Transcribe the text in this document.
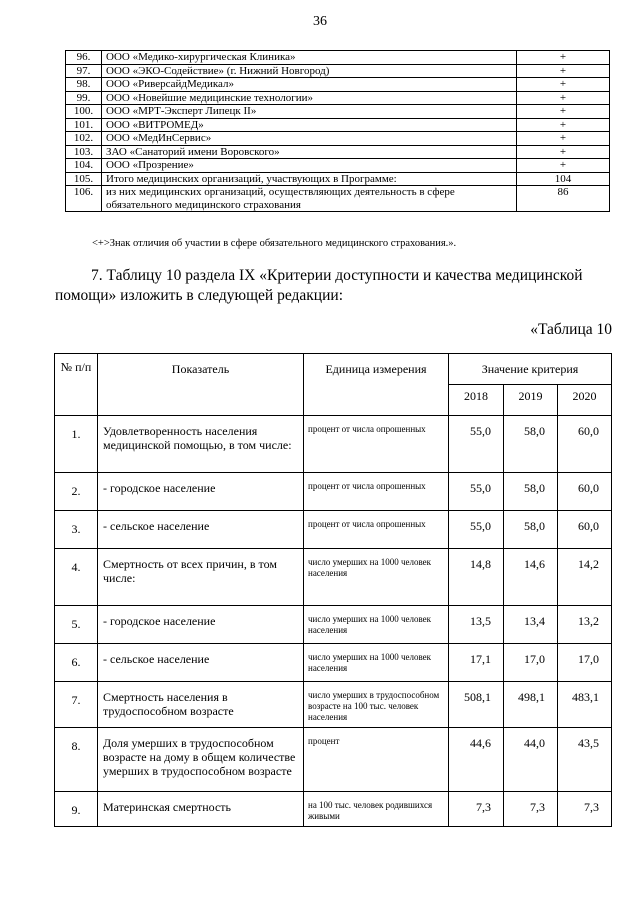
36
96.	ООО «Медико-хирургическая Клиника»	+
97.	ООО «ЭКО-Содействие» (г. Нижний Новгород)	+
98.	ООО «РиверсайдМедикал»	+
99.	ООО «Новейшие медицинские технологии»	+
100.	ООО «МРТ-Эксперт Липецк II»	+
101.	ООО «ВИТРОМЕД»	+
102.	ООО «МедИнСервис»	+
103.	ЗАО «Санаторий имени Воровского»	+
104.	ООО «Прозрение»	+
105.	Итого медицинских организаций, участвующих в Программе:	104
106.	из них медицинских организаций, осуществляющих деятельность в сфере обязательного медицинского страхования	86
<+>Знак отличия об участии в сфере обязательного медицинского страхования.».
7. Таблицу 10 раздела IX «Критерии доступности и качества медицинской
помощи» изложить в следующей редакции:
«Таблица 10
№ п/п	Показатель	Единица измерения	Значение критерия		
			2018	2019	2020
1.	Удовлетворенность населения медицинской помощью, в том числе:	процент от числа опрошенных	55,0	58,0	60,0
2.	- городское население	процент от числа опрошенных	55,0	58,0	60,0
3.	- сельское население	процент от числа опрошенных	55,0	58,0	60,0
4.	Смертность от всех причин, в том числе:	число умерших на 1000 человек населения	14,8	14,6	14,2
5.	- городское население	число умерших на 1000 человек населения	13,5	13,4	13,2
6.	- сельское население	число умерших на 1000 человек населения	17,1	17,0	17,0
7.	Смертность населения в трудоспособном возрасте	число умерших в трудоспособном возрасте на 100 тыс. человек населения	508,1	498,1	483,1
8.	Доля умерших в трудоспособном возрасте на дому в общем количестве умерших в трудоспособном возрасте	процент	44,6	44,0	43,5
9.	Материнская смертность	на 100 тыс. человек родившихся живыми	7,3	7,3	7,3
